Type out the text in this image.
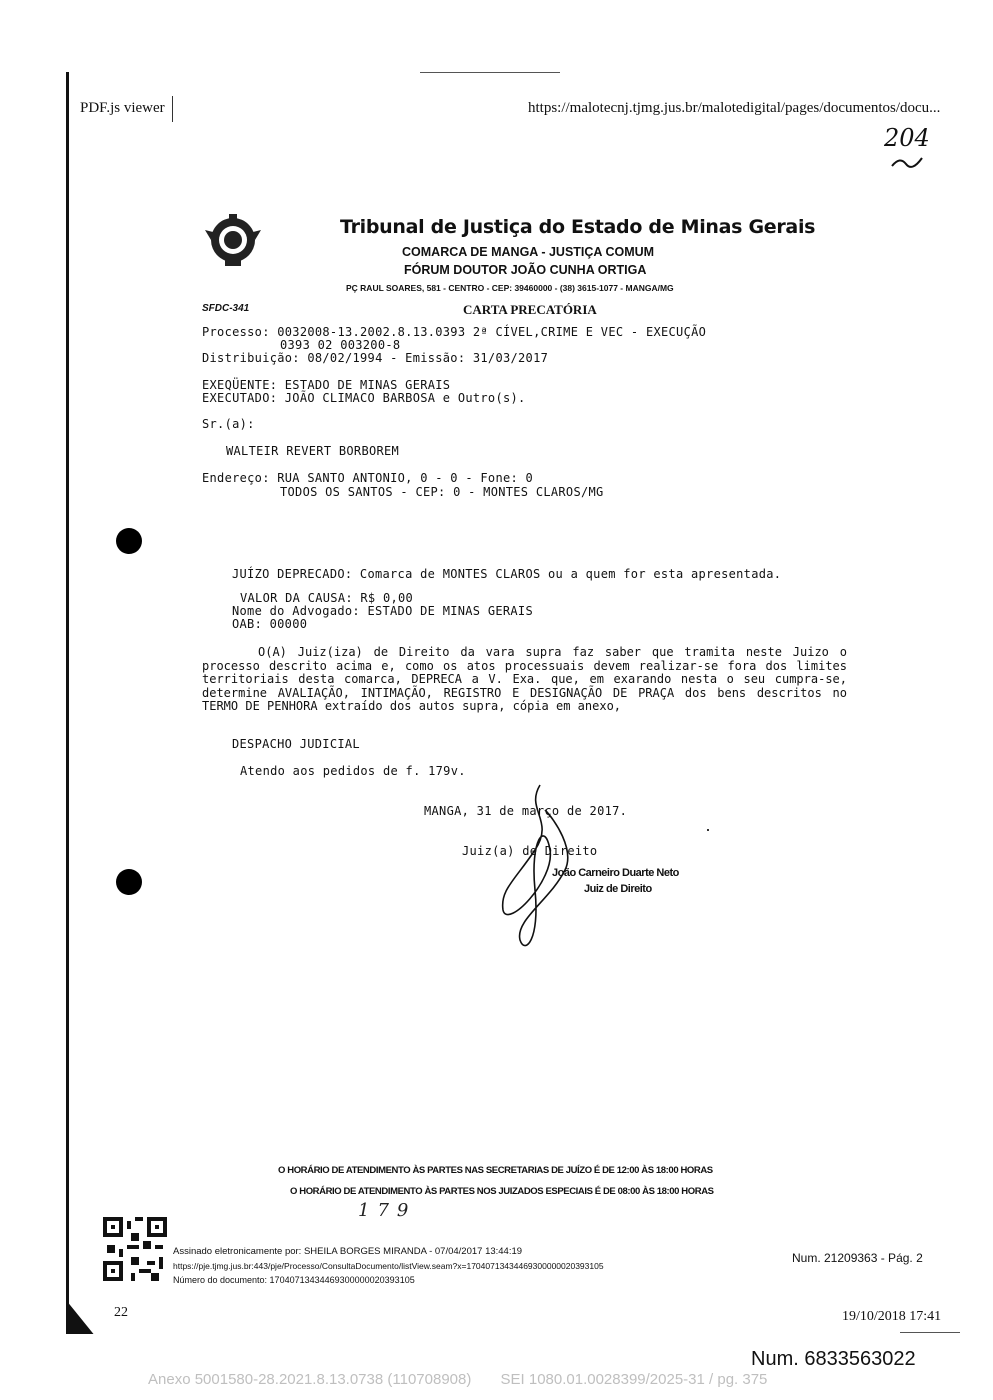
PDF.js viewer	https://malotecnj.tjmg.jus.br/malotedigital/pages/documentos/docu...
204
Tribunal de Justiça do Estado de Minas Gerais
COMARCA DE MANGA - JUSTIÇA COMUM
FÓRUM DOUTOR JOÃO CUNHA ORTIGA
PÇ RAUL SOARES, 581 - CENTRO - CEP: 39460000 - (38) 3615-1077 - MANGA/MG
SFDC-341	CARTA PRECATÓRIA
Processo: 0032008-13.2002.8.13.0393 2ª CÍVEL,CRIME E VEC - EXECUÇÃO
0393 02 003200-8
Distribuição: 08/02/1994 - Emissão: 31/03/2017
EXEQÜENTE: ESTADO DE MINAS GERAIS
EXECUTADO: JOÃO CLIMACO BARBOSA e Outro(s).
Sr.(a):
WALTEIR REVERT BORBOREM
Endereço: RUA SANTO ANTONIO, 0 - 0 - Fone: 0
TODOS OS SANTOS - CEP: 0 - MONTES CLAROS/MG
JUÍZO DEPRECADO: Comarca de MONTES CLAROS ou a quem for esta apresentada.
VALOR DA CAUSA: R$ 0,00
Nome do Advogado: ESTADO DE MINAS GERAIS
OAB: 00000
O(A) Juiz(iza) de Direito da vara supra faz saber que tramita neste Juizo o processo descrito acima e, como os atos processuais devem realizar-se fora dos limites territoriais desta comarca, DEPRECA a V. Exa. que, em exarando nesta o seu cumpra-se, determine AVALIAÇÃO, INTIMAÇÃO, REGISTRO E DESIGNAÇÃO DE PRAÇA dos bens descritos no TERMO DE PENHORA extraído dos autos supra, cópia em anexo,
DESPACHO JUDICIAL
Atendo aos pedidos de f. 179v.
MANGA, 31 de março de 2017.
Juiz(a) de Direito
João Carneiro Duarte Neto
Juiz de Direito
O HORÁRIO DE ATENDIMENTO ÀS PARTES NAS SECRETARIAS DE JUÍZO É DE 12:00 ÀS 18:00 HORAS
O HORÁRIO DE ATENDIMENTO ÀS PARTES NOS JUIZADOS ESPECIAIS É DE 08:00 ÀS 18:00 HORAS
179
Assinado eletronicamente por: SHEILA BORGES MIRANDA - 07/04/2017 13:44:19
https://pje.tjmg.jus.br:443/pje/Processo/ConsultaDocumento/listView.seam?x=17040713434469300000020393105
Número do documento: 17040713434469300000020393105
Num. 21209363 - Pág. 2
22	19/10/2018 17:41
Num. 6833563022
Anexo 5001580-28.2021.8.13.0738 (110708908)       SEI 1080.01.0028399/2025-31 / pg. 375
